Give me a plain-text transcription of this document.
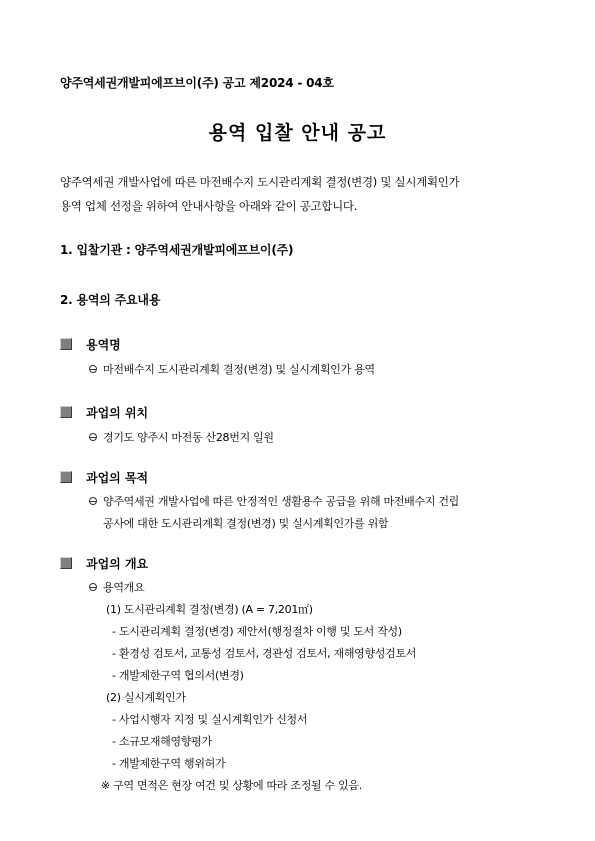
양주역세권개발피에프브이(주) 공고 제2024 - 04호
용역 입찰 안내 공고
양주역세권 개발사업에 따른 마전배수지 도시관리계획 결정(변경) 및 실시계획인가
용역 업체 선정을 위하여 안내사항을 아래와 같이 공고합니다.
1. 입찰기관 : 양주역세권개발피에프브이(주)
2. 용역의 주요내용
용역명
마전배수지 도시관리계획 결정(변경) 및 실시계획인가 용역
과업의 위치
경기도 양주시 마전동 산28번지 일원
과업의 목적
양주역세권 개발사업에 따른 안정적인 생활용수 공급을 위해 마전배수지 건립
공사에 대한 도시관리계획 결정(변경) 및 실시계획인가를 위함
과업의 개요
용역개요
(1) 도시관리계획 결정(변경) (A = 7,201㎡)
- 도시관리계획 결정(변경) 제안서(행정절차 이행 및 도서 작성)
- 환경성 검토서, 교통성 검토서, 경관성 검토서, 재해영향성검토서
- 개발제한구역 협의서(변경)
(2) 실시계획인가
- 사업시행자 지정 및 실시계획인가 신청서
- 소규모재해영향평가
- 개발제한구역 행위허가
※ 구역 면적은 현장 여건 및 상황에 따라 조정될 수 있음.
